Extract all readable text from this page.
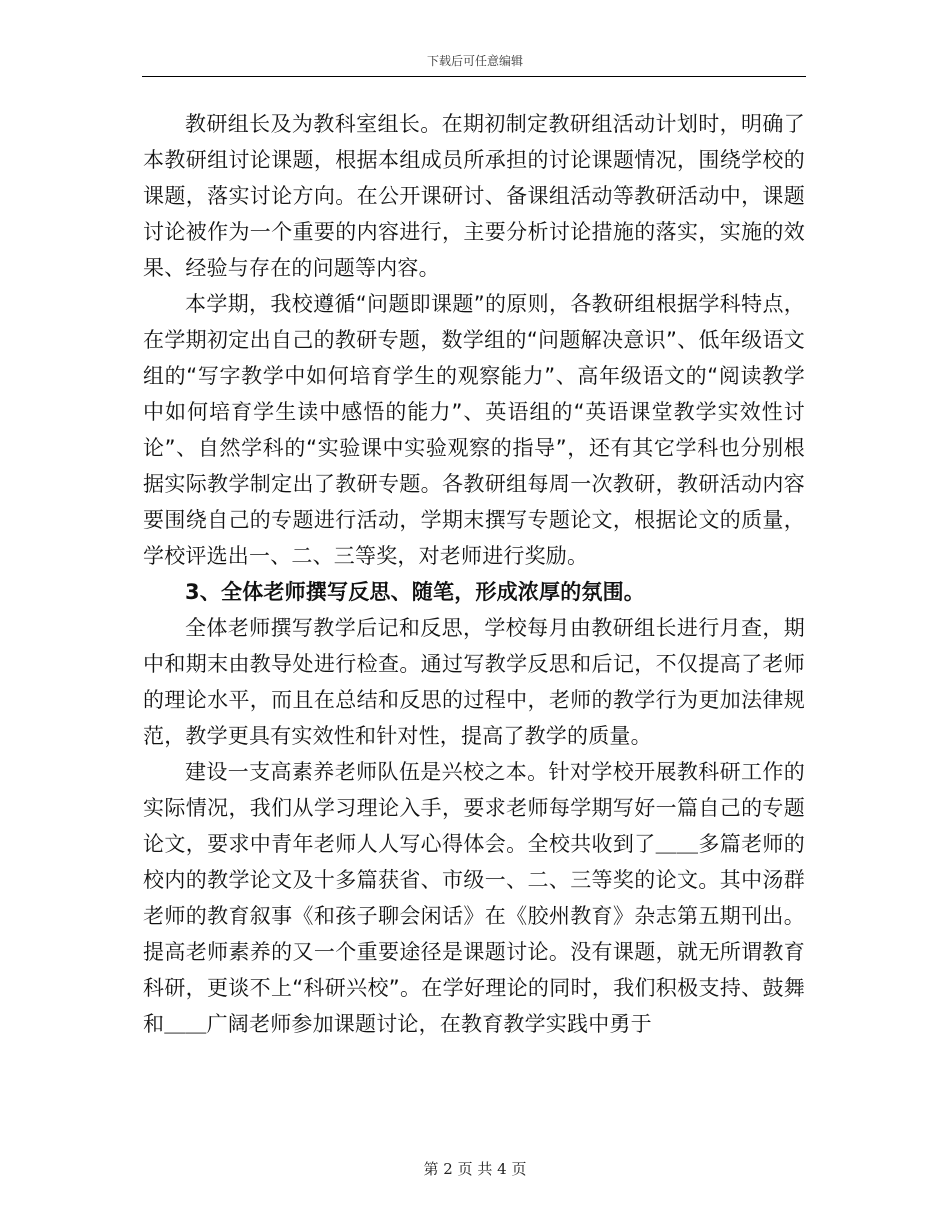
下载后可任意编辑

教研组长及为教科室组长。在期初制定教研组活动计划时，明确了本教研组讨论课题，根据本组成员所承担的讨论课题情况，围绕学校的课题，落实讨论方向。在公开课研讨、备课组活动等教研活动中，课题讨论被作为一个重要的内容进行，主要分析讨论措施的落实，实施的效果、经验与存在的问题等内容。

本学期，我校遵循“问题即课题”的原则，各教研组根据学科特点，在学期初定出自己的教研专题，数学组的“问题解决意识”、低年级语文组的“写字教学中如何培育学生的观察能力”、高年级语文的“阅读教学中如何培育学生读中感悟的能力”、英语组的“英语课堂教学实效性讨论”、自然学科的“实验课中实验观察的指导”，还有其它学科也分别根据实际教学制定出了教研专题。各教研组每周一次教研，教研活动内容要围绕自己的专题进行活动，学期末撰写专题论文，根据论文的质量，学校评选出一、二、三等奖，对老师进行奖励。

3、全体老师撰写反思、随笔，形成浓厚的氛围。

全体老师撰写教学后记和反思，学校每月由教研组长进行月查，期中和期末由教导处进行检查。通过写教学反思和后记，不仅提高了老师的理论水平，而且在总结和反思的过程中，老师的教学行为更加法律规范，教学更具有实效性和针对性，提高了教学的质量。

建设一支高素养老师队伍是兴校之本。针对学校开展教科研工作的实际情况，我们从学习理论入手，要求老师每学期写好一篇自己的专题论文，要求中青年老师人人写心得体会。全校共收到了＿＿多篇老师的校内的教学论文及十多篇获省、市级一、二、三等奖的论文。其中汤群老师的教育叙事《和孩子聊会闲话》在《胶州教育》杂志第五期刊出。提高老师素养的又一个重要途径是课题讨论。没有课题，就无所谓教育科研，更谈不上“科研兴校”。在学好理论的同时，我们积极支持、鼓舞和＿＿广阔老师参加课题讨论，在教育教学实践中勇于

第 2 页 共 4 页
